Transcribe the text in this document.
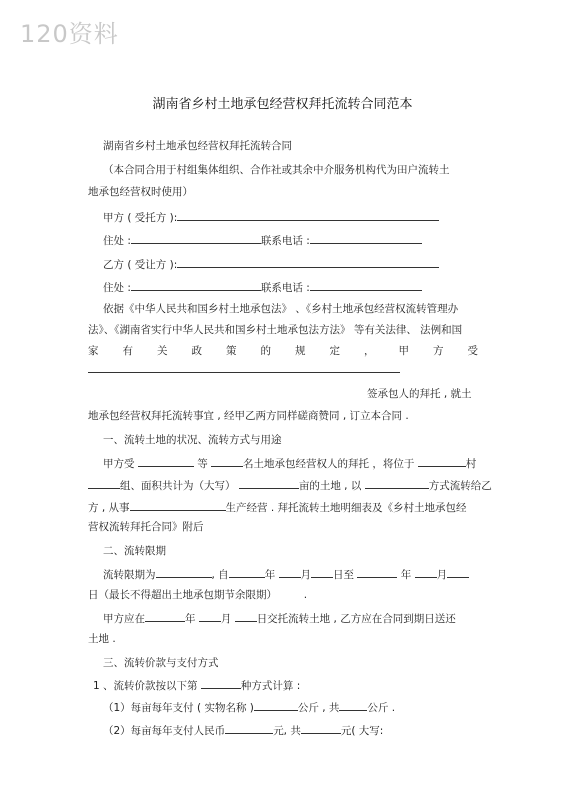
120资料
湖南省乡村土地承包经营权拜托流转合同范本
湖南省乡村土地承包经营权拜托流转合同
（本合同合用于村组集体组织、合作社或其余中介服务机构代为田户流转土
地承包经营权时使用）
甲方 ( 受托方 ):
住处 :	联系电话 :
乙方 ( 受让方 ):
住处 :	联系电话 :
依据《中华人民共和国乡村土地承包法》 、《乡村土地承包经营权流转管理办
法》、《湖南省实行中华人民共和国乡村土地承包法方法》 等有关法律、 法例和国
家 有 关 政 策 的 规 定 ， 甲 方 受
签承包人的拜托 , 就土
地承包经营权拜托流转事宜 , 经甲乙两方同样磋商赞同 , 订立本合同 .
一、流转土地的状况、流转方式与用途
甲方受	等	名土地承包经营权人的拜托 ，将位于	村
组、面积共计为（大写）	亩的土地 , 以	方式流转给乙
方 , 从事	生产经营 . 拜托流转土地明细表及《乡村土地承包经
营权流转拜托合同》附后
二、流转限期
流转限期为	, 自	年 月 日至	年 月
日（最长不得超出土地承包期节余限期）	.
甲方应在	年 月 日交托流转土地 , 乙方应在合同到期日送还
土地 .
三、流转价款与支付方式
1 、流转价款按以下第	种方式计算 :
（1）每亩每年支付 ( 实物名称 )	公斤 , 共	公斤 .
（2）每亩每年支付人民币	元, 共	元( 大写:
